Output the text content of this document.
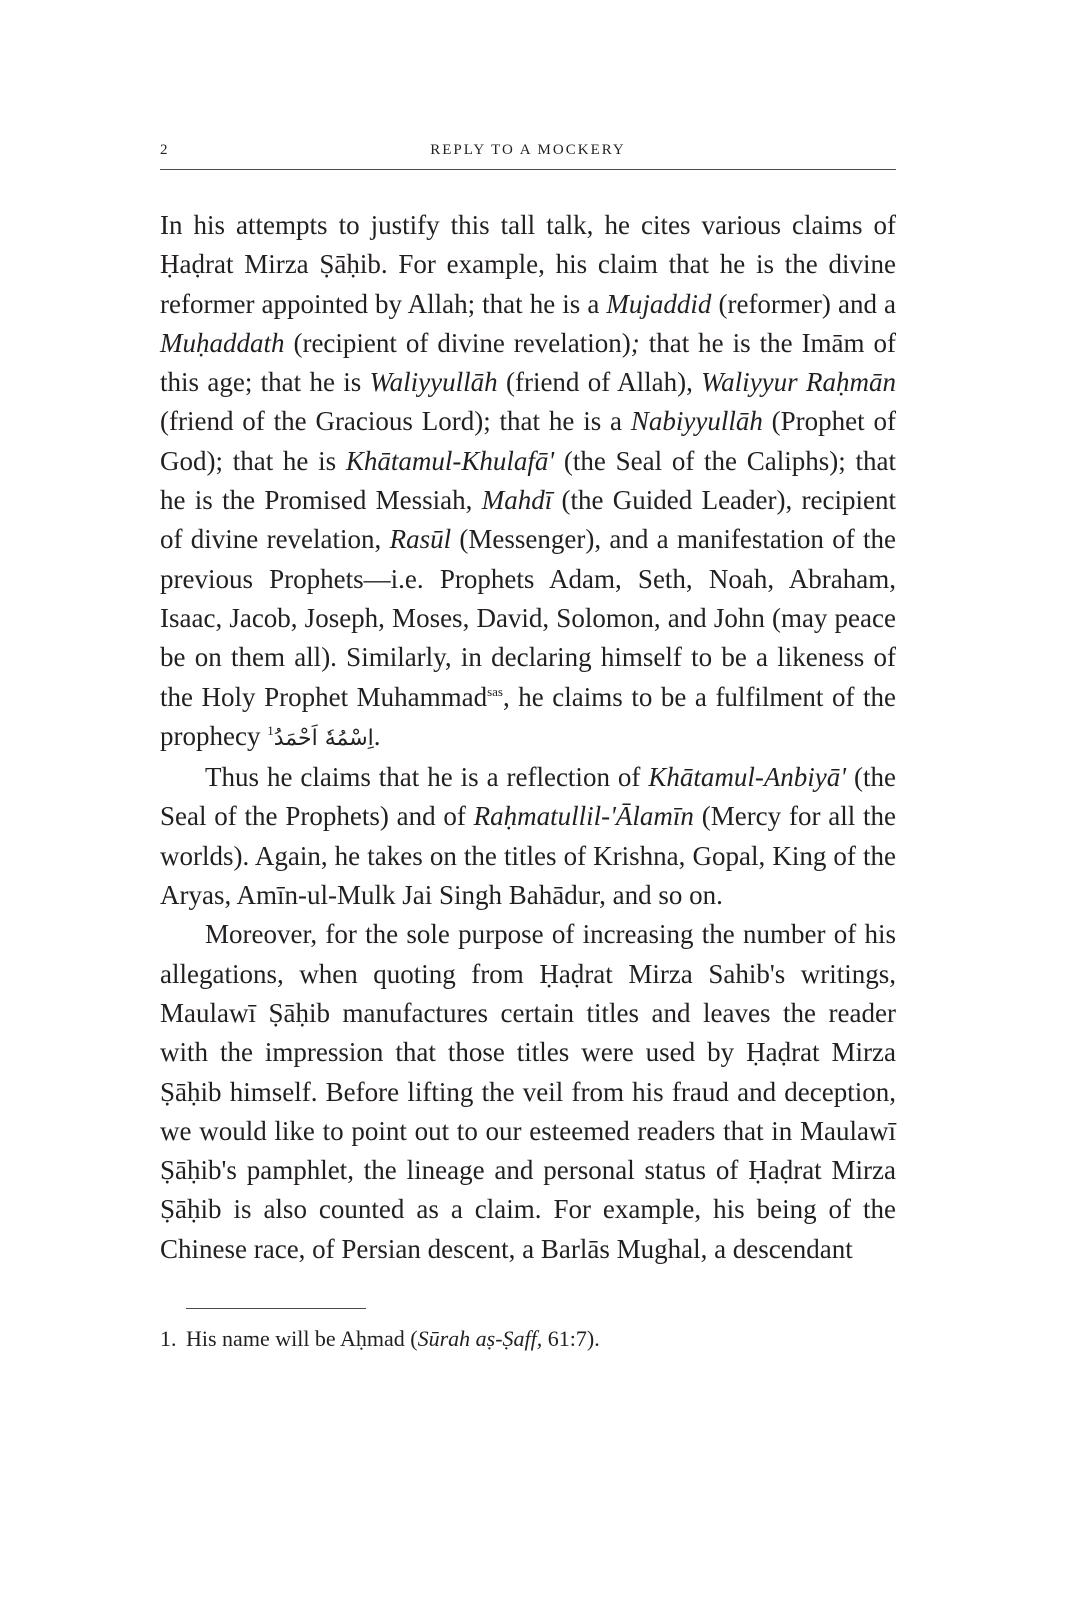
2	REPLY TO A MOCKERY

In his attempts to justify this tall talk, he cites various claims of Ḥaḍrat Mirza Ṣāḥib. For example, his claim that he is the divine reformer appointed by Allah; that he is a Mujaddid (reformer) and a Muḥaddath (recipient of divine revelation); that he is the Imām of this age; that he is Waliyyullāh (friend of Allah), Waliyyur Raḥmān (friend of the Gracious Lord); that he is a Nabiyyullāh (Prophet of God); that he is Khātamul-Khulafā' (the Seal of the Caliphs); that he is the Promised Messiah, Mahdī (the Guided Leader), recipient of divine revelation, Rasūl (Messenger), and a manifestation of the previous Prophets—i.e. Prophets Adam, Seth, Noah, Abraham, Isaac, Jacob, Joseph, Moses, David, Solomon, and John (may peace be on them all). Similarly, in declaring himself to be a likeness of the Holy Prophet Muhammad$^{sas}$, he claims to be a fulfilment of the prophecy $^1$اِسْمُهٗ اَحْمَدُ.

Thus he claims that he is a reflection of Khātamul-Anbiyā' (the Seal of the Prophets) and of Raḥmatullil-'Ālamīn (Mercy for all the worlds). Again, he takes on the titles of Krishna, Gopal, King of the Aryas, Amīn-ul-Mulk Jai Singh Bahādur, and so on.

Moreover, for the sole purpose of increasing the number of his allegations, when quoting from Ḥaḍrat Mirza Sahib's writings, Maulawī Ṣāḥib manufactures certain titles and leaves the reader with the impression that those titles were used by Ḥaḍrat Mirza Ṣāḥib himself. Before lifting the veil from his fraud and deception, we would like to point out to our esteemed readers that in Maulawī Ṣāḥib's pamphlet, the lineage and personal status of Ḥaḍrat Mirza Ṣāḥib is also counted as a claim. For example, his being of the Chinese race, of Persian descent, a Barlās Mughal, a descendant

1. His name will be Aḥmad (Sūrah aṣ-Ṣaff, 61:7).
